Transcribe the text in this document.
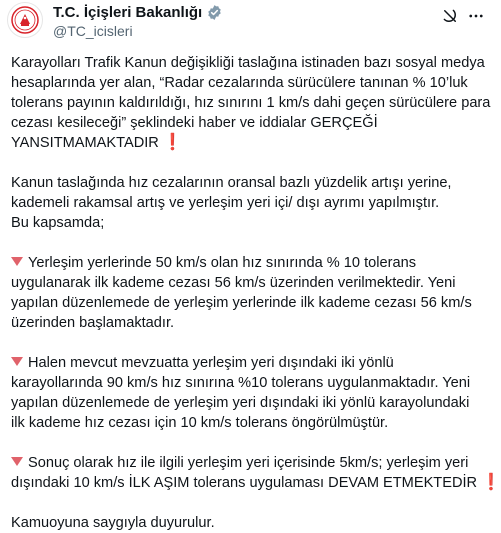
T.C. İçişleri Bakanlığı
@TC_icisleri
Karayolları Trafik Kanun değişikliği taslağına istinaden bazı sosyal medya
hesaplarında yer alan, “Radar cezalarında sürücülere tanınan % 10’luk
tolerans payının kaldırıldığı, hız sınırını 1 km/s dahi geçen sürücülere para
cezası kesileceği” şeklindeki haber ve iddialar GERÇEĞİ
YANSITMAMAKTADIR ❗
Kanun taslağında hız cezalarının oransal bazlı yüzdelik artışı yerine,
kademeli rakamsal artış ve yerleşim yeri içi/ dışı ayrımı yapılmıştır.
Bu kapsamda;
Yerleşim yerlerinde 50 km/s olan hız sınırında % 10 tolerans
uygulanarak ilk kademe cezası 56 km/s üzerinden verilmektedir. Yeni
yapılan düzenlemede de yerleşim yerlerinde ilk kademe cezası 56 km/s
üzerinden başlamaktadır.
Halen mevcut mevzuatta yerleşim yeri dışındaki iki yönlü
karayollarında 90 km/s hız sınırına %10 tolerans uygulanmaktadır. Yeni
yapılan düzenlemede de yerleşim yeri dışındaki iki yönlü karayolundaki
ilk kademe hız cezası için 10 km/s tolerans öngörülmüştür.
Sonuç olarak hız ile ilgili yerleşim yeri içerisinde 5km/s; yerleşim yeri
dışındaki 10 km/s İLK AŞIM tolerans uygulaması DEVAM ETMEKTEDİR ❗
Kamuoyuna saygıyla duyurulur.
